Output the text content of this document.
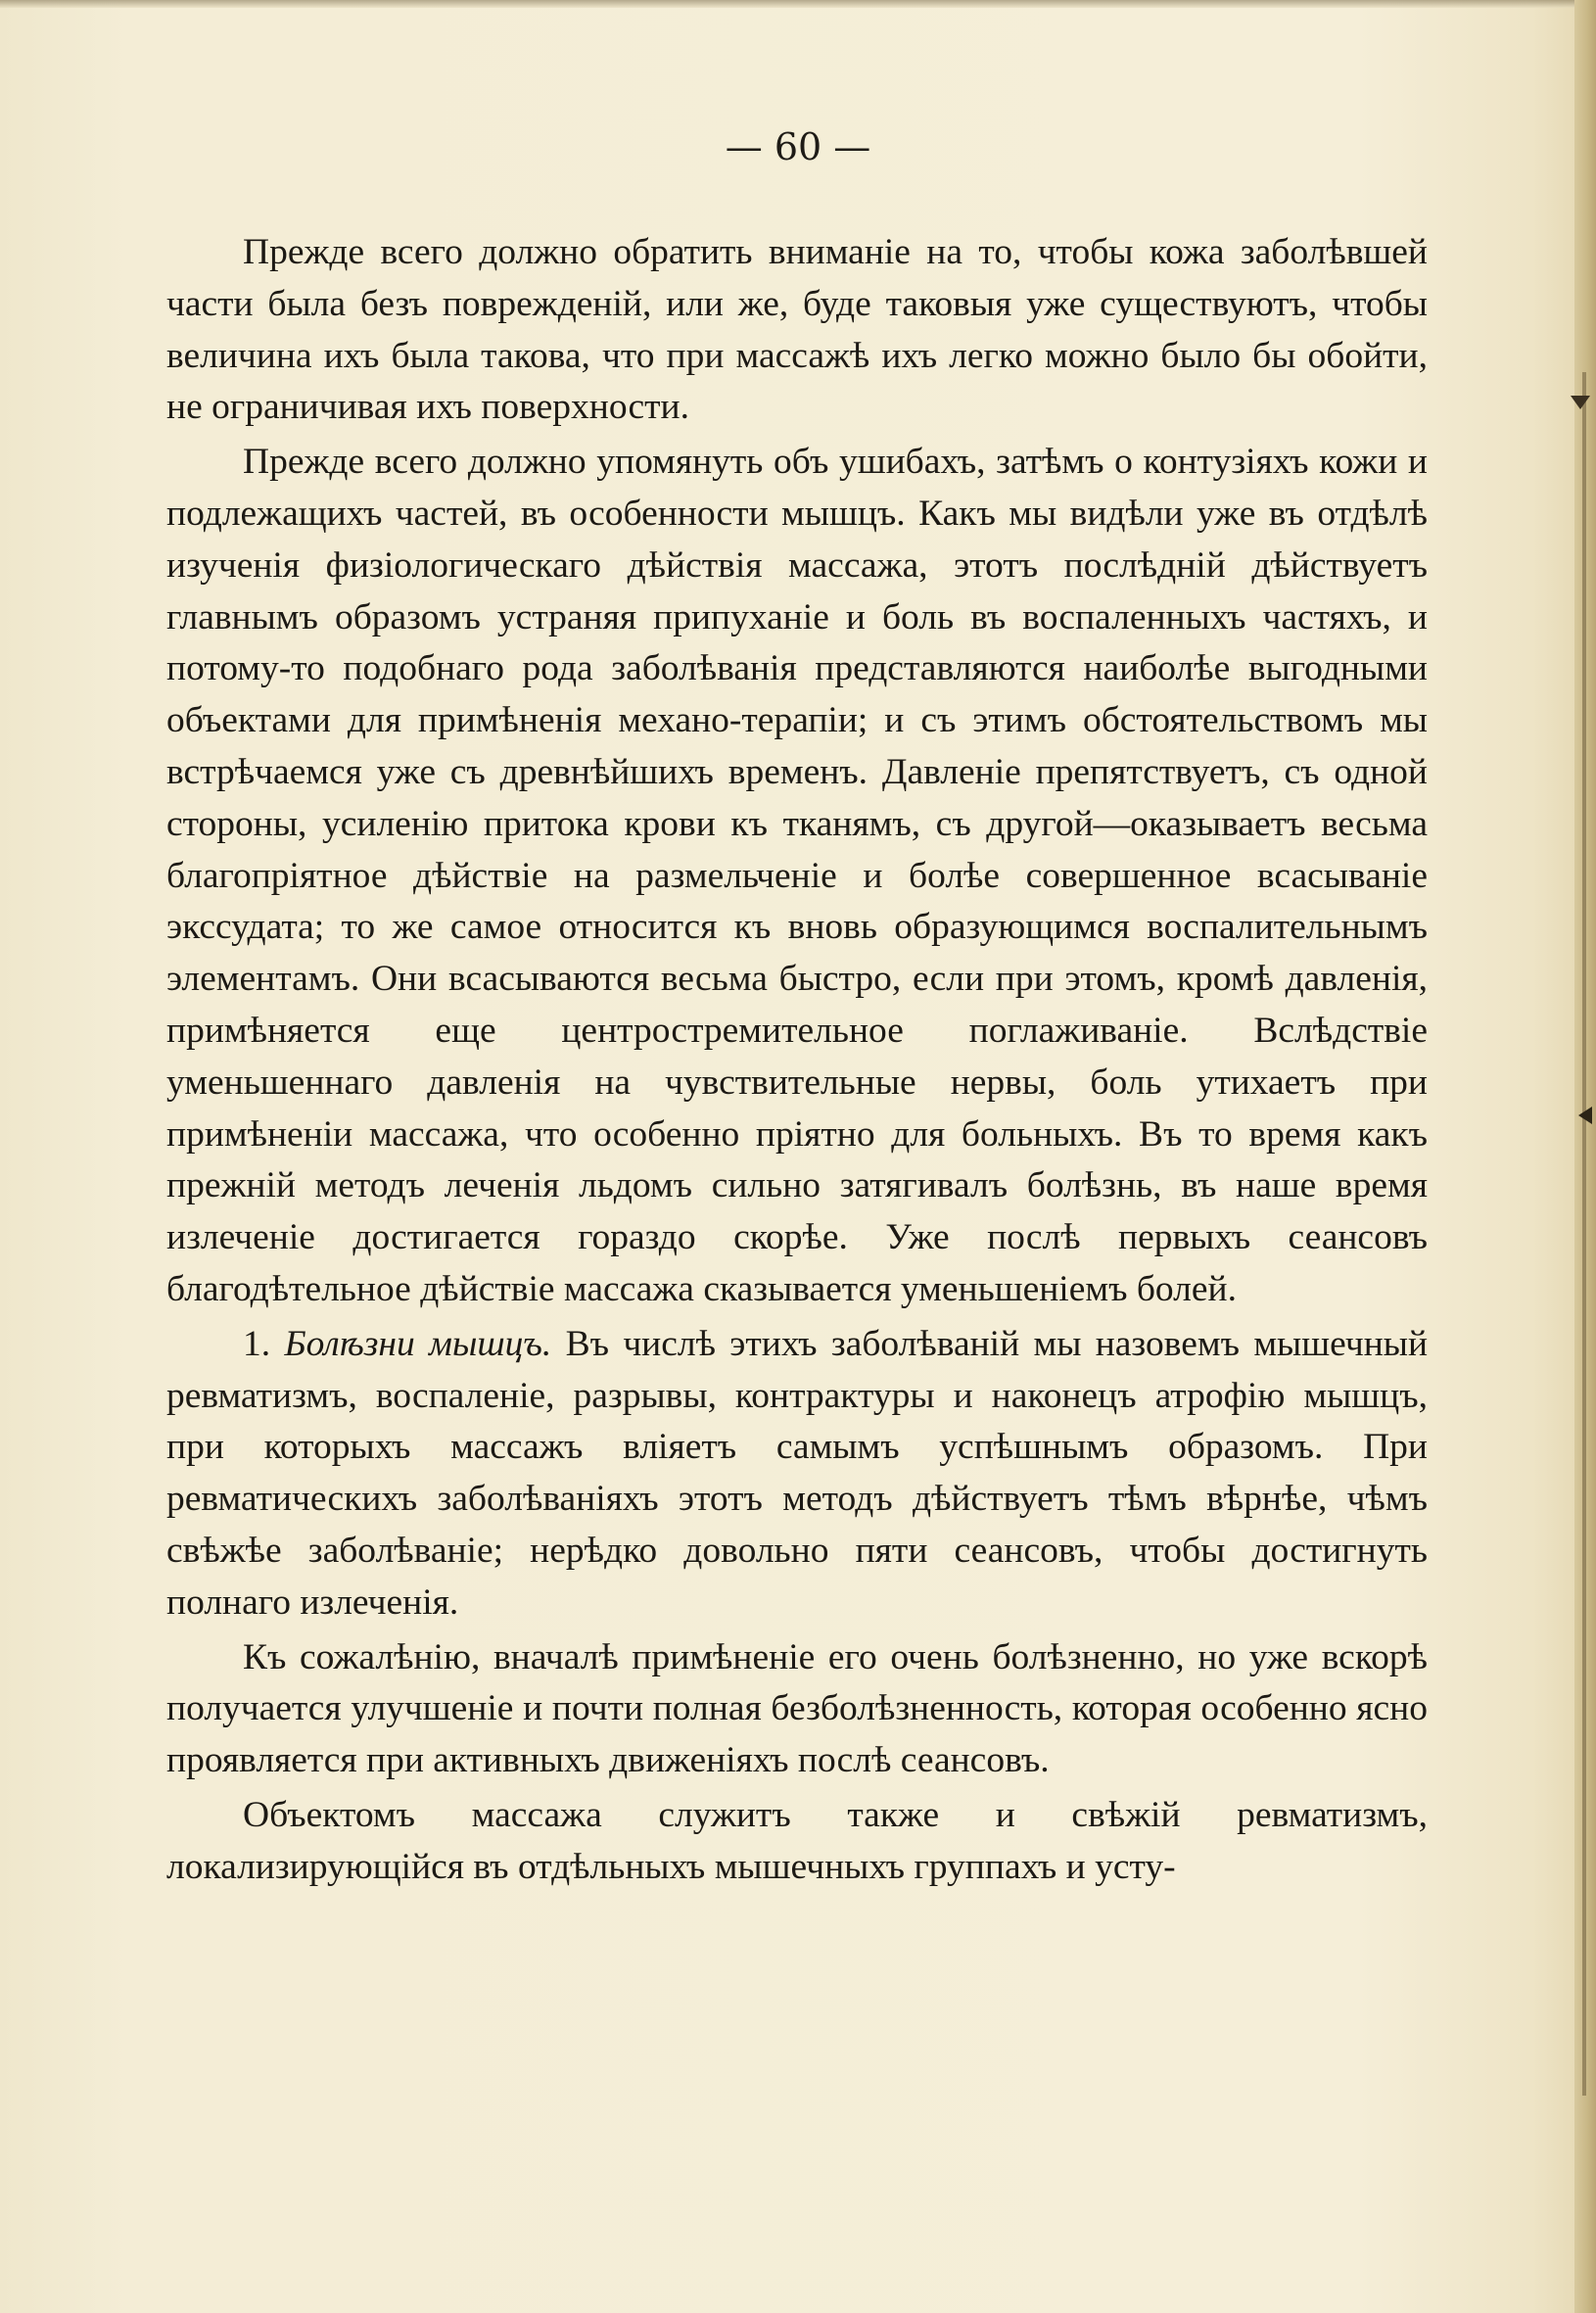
— 60 —

Прежде всего должно обратить вниманіе на то, чтобы кожа заболѣвшей части была безъ поврежденій, или же, буде таковыя уже существуютъ, чтобы величина ихъ была такова, что при массажѣ ихъ легко можно было бы обойти, не ограничивая ихъ поверхности.

Прежде всего должно упомянуть объ ушибахъ, затѣмъ о контузіяхъ кожи и подлежащихъ частей, въ особенности мышцъ. Какъ мы видѣли уже въ отдѣлѣ изученія физіологическаго дѣйствія массажа, этотъ послѣдній дѣйствуетъ главнымъ образомъ устраняя припуханіе и боль въ воспаленныхъ частяхъ, и потому-то подобнаго рода заболѣванія представляются наиболѣе выгодными объектами для примѣненія механо-терапіи; и съ этимъ обстоятельствомъ мы встрѣчаемся уже съ древнѣйшихъ временъ. Давленіе препятствуетъ, съ одной стороны, усиленію притока крови къ тканямъ, съ другой—оказываетъ весьма благопріятное дѣйствіе на размельченіе и болѣе совершенное всасываніе экссудата; то же самое относится къ вновь образующимся воспалительнымъ элементамъ. Они всасываются весьма быстро, если при этомъ, кромѣ давленія, примѣняется еще центростремительное поглаживаніе. Вслѣдствіе уменьшеннаго давленія на чувствительные нервы, боль утихаетъ при примѣненіи массажа, что особенно пріятно для больныхъ. Въ то время какъ прежній методъ леченія льдомъ сильно затягивалъ болѣзнь, въ наше время излеченіе достигается гораздо скорѣе. Уже послѣ первыхъ сеансовъ благодѣтельное дѣйствіе массажа сказывается уменьшеніемъ болей.

1. Болѣзни мышцъ. Въ числѣ этихъ заболѣваній мы назовемъ мышечный ревматизмъ, воспаленіе, разрывы, контрактуры и наконецъ атрофію мышцъ, при которыхъ массажъ вліяетъ самымъ успѣшнымъ образомъ. При ревматическихъ заболѣваніяхъ этотъ методъ дѣйствуетъ тѣмъ вѣрнѣе, чѣмъ свѣжѣе заболѣваніе; нерѣдко довольно пяти сеансовъ, чтобы достигнуть полнаго излеченія.

Къ сожалѣнію, вначалѣ примѣненіе его очень болѣзненно, но уже вскорѣ получается улучшеніе и почти полная безболѣзненность, которая особенно ясно проявляется при активныхъ движеніяхъ послѣ сеансовъ.

Объектомъ массажа служитъ также и свѣжій ревматизмъ, локализирующійся въ отдѣльныхъ мышечныхъ группахъ и усту-
